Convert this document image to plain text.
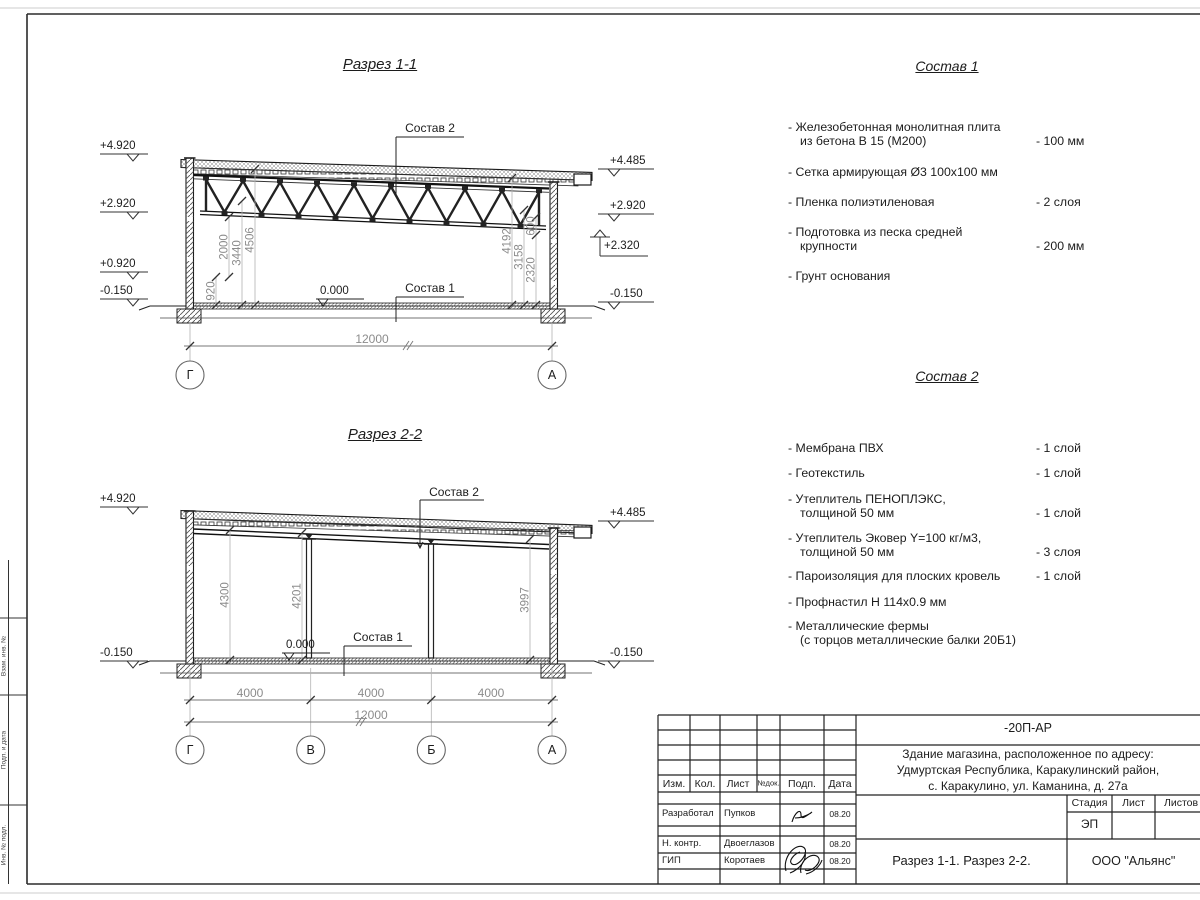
Разрез 1-1
Состав 2
Состав 1
0.000
+4.920
+2.920
+0.920
-0.150
+4.485
+2.920
+2.320
-0.150
920
2000 3440
4506	4192
3158
2320
600
12000
Г	А
Разрез 2-2
Состав 2
Состав 1
0.000
+4.920
-0.150
+4.485
-0.150
4300	4201	3997
4000	4000	4000
12000
Г	В	Б	А
Состав 1
- Железобетонная монолитная плита
из бетона В 15 (М200)	- 100 мм
- Сетка армирующая Ø3 100х100 мм
- Пленка полиэтиленовая	- 2 слоя
- Подготовка из песка средней
крупности	- 200 мм
- Грунт основания
Состав 2
- Мембрана ПВХ	- 1 слой
- Геотекстиль	- 1 слой
- Утеплитель ПЕНОПЛЭКС,
толщиной 50 мм	- 1 слой
- Утеплитель Эковер Y=100 кг/м3,
толщиной 50 мм	- 3 слоя
- Пароизоляция для плоских кровель	- 1 слой
- Профнастил Н 114х0.9 мм
- Металлические фермы
(с торцов металлические балки 20Б1)
-20П-АР
Здание магазина, расположенное по адресу:
Удмуртская Республика, Каракулинский район,
с. Каракулино, ул. Каманина, д. 27а
Изм. Кол. Лист №док. Подп. Дата
Стадия Лист Листов
ЭП
Разрез 1-1. Разрез 2-2.	ООО "Альянс"
Разработал Пупков	08.20
Н. контр. Двоеглазов	08.20
ГИП	Коротаев	08.20
Взам. инв. №
Подп. и дата
Инв. № подл.
